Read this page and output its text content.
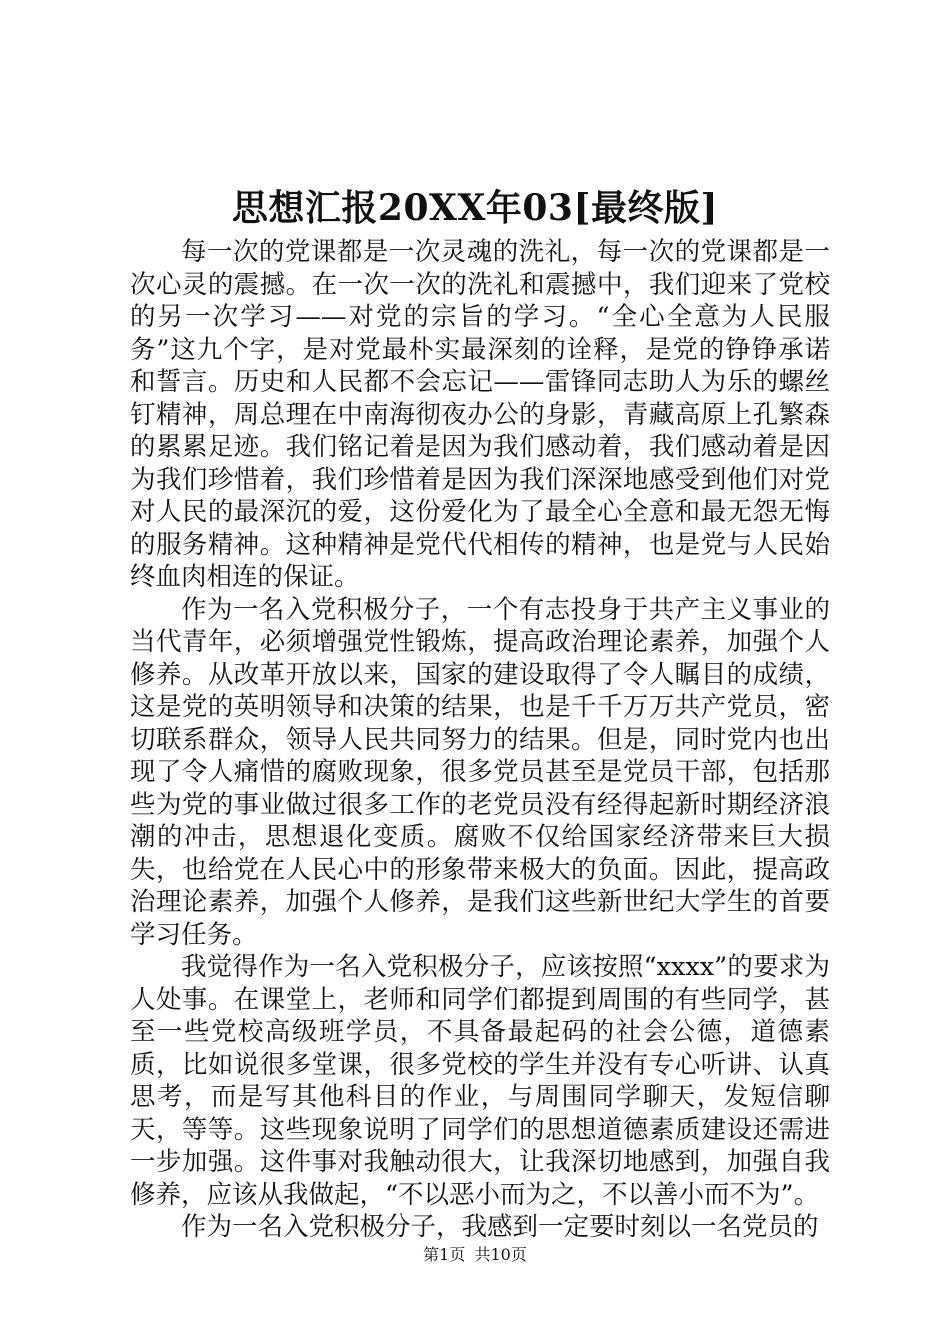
思想汇报20XX年03[最终版]

每一次的党课都是一次灵魂的洗礼，每一次的党课都是一次心灵的震撼。在一次一次的洗礼和震撼中，我们迎来了党校的另一次学习——对党的宗旨的学习。“全心全意为人民服务”这九个字，是对党最朴实最深刻的诠释，是党的铮铮承诺和誓言。历史和人民都不会忘记——雷锋同志助人为乐的螺丝钉精神，周总理在中南海彻夜办公的身影，青藏高原上孔繁森的累累足迹。我们铭记着是因为我们感动着，我们感动着是因为我们珍惜着，我们珍惜着是因为我们深深地感受到他们对党对人民的最深沉的爱，这份爱化为了最全心全意和最无怨无悔的服务精神。这种精神是党代代相传的精神，也是党与人民始终血肉相连的保证。

作为一名入党积极分子，一个有志投身于共产主义事业的当代青年，必须增强党性锻炼，提高政治理论素养，加强个人修养。从改革开放以来，国家的建设取得了令人瞩目的成绩，这是党的英明领导和决策的结果，也是千千万万共产党员，密切联系群众，领导人民共同努力的结果。但是，同时党内也出现了令人痛惜的腐败现象，很多党员甚至是党员干部，包括那些为党的事业做过很多工作的老党员没有经得起新时期经济浪潮的冲击，思想退化变质。腐败不仅给国家经济带来巨大损失，也给党在人民心中的形象带来极大的负面。因此，提高政治理论素养，加强个人修养，是我们这些新世纪大学生的首要学习任务。

我觉得作为一名入党积极分子，应该按照“xxxx”的要求为人处事。在课堂上，老师和同学们都提到周围的有些同学，甚至一些党校高级班学员，不具备最起码的社会公德，道德素质，比如说很多堂课，很多党校的学生并没有专心听讲、认真思考，而是写其他科目的作业，与周围同学聊天，发短信聊天，等等。这些现象说明了同学们的思想道德素质建设还需进一步加强。这件事对我触动很大，让我深切地感到，加强自我修养，应该从我做起，“不以恶小而为之，不以善小而不为”。

作为一名入党积极分子，我感到一定要时刻以一名党员的

第1页 共10页
